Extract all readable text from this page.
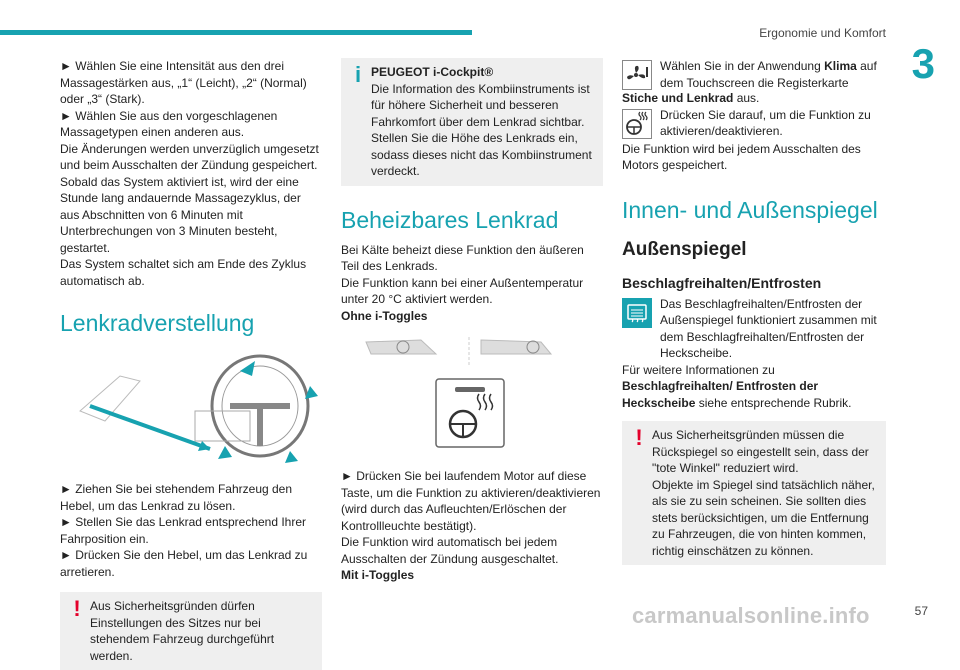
Ergonomie und Komfort
3

► Wählen Sie eine Intensität aus den drei Massagestärken aus, „1“ (Leicht), „2“ (Normal) oder „3“ (Stark).

► Wählen Sie aus den vorgeschlagenen Massagetypen einen anderen aus.

Die Änderungen werden unverzüglich umgesetzt und beim Ausschalten der Zündung gespeichert.

Sobald das System aktiviert ist, wird der eine Stunde lang andauernde Massagezyklus, der aus Abschnitten von 6 Minuten mit Unterbrechungen von 3 Minuten besteht, gestartet.

Das System schaltet sich am Ende des Zyklus automatisch ab.

Lenkradverstellung

► Ziehen Sie bei stehendem Fahrzeug den Hebel, um das Lenkrad zu lösen.

► Stellen Sie das Lenkrad entsprechend Ihrer Fahrposition ein.

► Drücken Sie den Hebel, um das Lenkrad zu arretieren.

! Aus Sicherheitsgründen dürfen Einstellungen des Sitzes nur bei stehendem Fahrzeug durchgeführt werden.

i PEUGEOT i-Cockpit®

Die Information des Kombiinstruments ist für höhere Sicherheit und besseren Fahrkomfort über dem Lenkrad sichtbar.

Stellen Sie die Höhe des Lenkrads ein, sodass dieses nicht das Kombiinstrument verdeckt.

Beheizbares Lenkrad

Bei Kälte beheizt diese Funktion den äußeren Teil des Lenkrads.

Die Funktion kann bei einer Außentemperatur unter 20 °C aktiviert werden.

Ohne i-Toggles

► Drücken Sie bei laufendem Motor auf diese Taste, um die Funktion zu aktivieren/deaktivieren (wird durch das Aufleuchten/Erlöschen der Kontrollleuchte bestätigt).

Die Funktion wird automatisch bei jedem Ausschalten der Zündung ausgeschaltet.

Mit i-Toggles

Wählen Sie in der Anwendung Klima auf dem Touchscreen die Registerkarte

Stiche und Lenkrad aus.

Drücken Sie darauf, um die Funktion zu aktivieren/deaktivieren.

Die Funktion wird bei jedem Ausschalten des Motors gespeichert.

Innen- und Außenspiegel
Außenspiegel
Beschlagfreihalten/Entfrosten

Das Beschlagfreihalten/Entfrosten der Außenspiegel funktioniert zusammen mit dem Beschlagfreihalten/Entfrosten der Heckscheibe.

Für weitere Informationen zu Beschlagfreihalten/ Entfrosten der Heckscheibe siehe entsprechende Rubrik.

! Aus Sicherheitsgründen müssen die Rückspiegel so eingestellt sein, dass der "tote Winkel" reduziert wird.

Objekte im Spiegel sind tatsächlich näher, als sie zu sein scheinen. Sie sollten dies stets berücksichtigen, um die Entfernung zu Fahrzeugen, die von hinten kommen, richtig einschätzen zu können.

57
carmanualsonline.info
